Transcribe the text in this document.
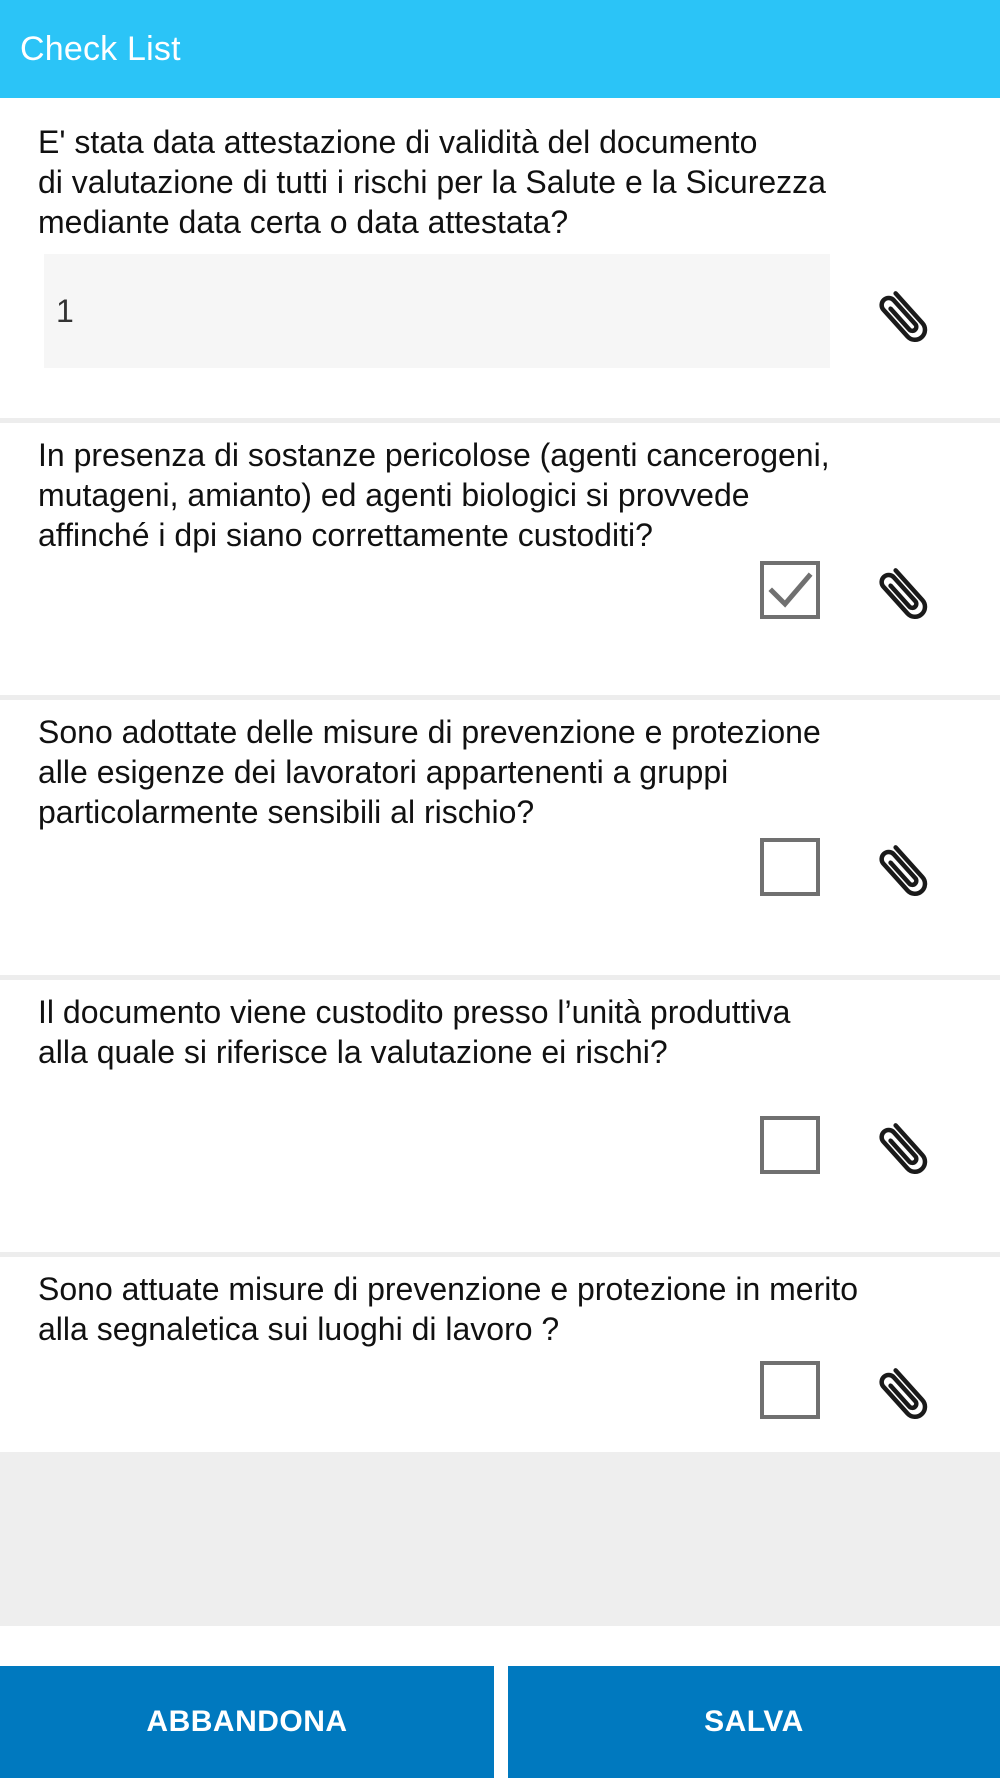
Check List
E' stata data attestazione di validità del documento
di valutazione di tutti i rischi per la Salute e la Sicurezza
mediante data certa o data attestata?
1
In presenza di sostanze pericolose (agenti cancerogeni,
mutageni, amianto) ed agenti biologici si provvede
affinché i dpi siano correttamente custoditi?
Sono adottate delle misure di prevenzione e protezione
alle esigenze dei lavoratori appartenenti a gruppi
particolarmente sensibili al rischio?
Il documento viene custodito presso l’unità produttiva
alla quale si riferisce la valutazione ei rischi?
Sono attuate misure di prevenzione e protezione in merito
alla segnaletica sui luoghi di lavoro ?
ABBANDONA	SALVA
